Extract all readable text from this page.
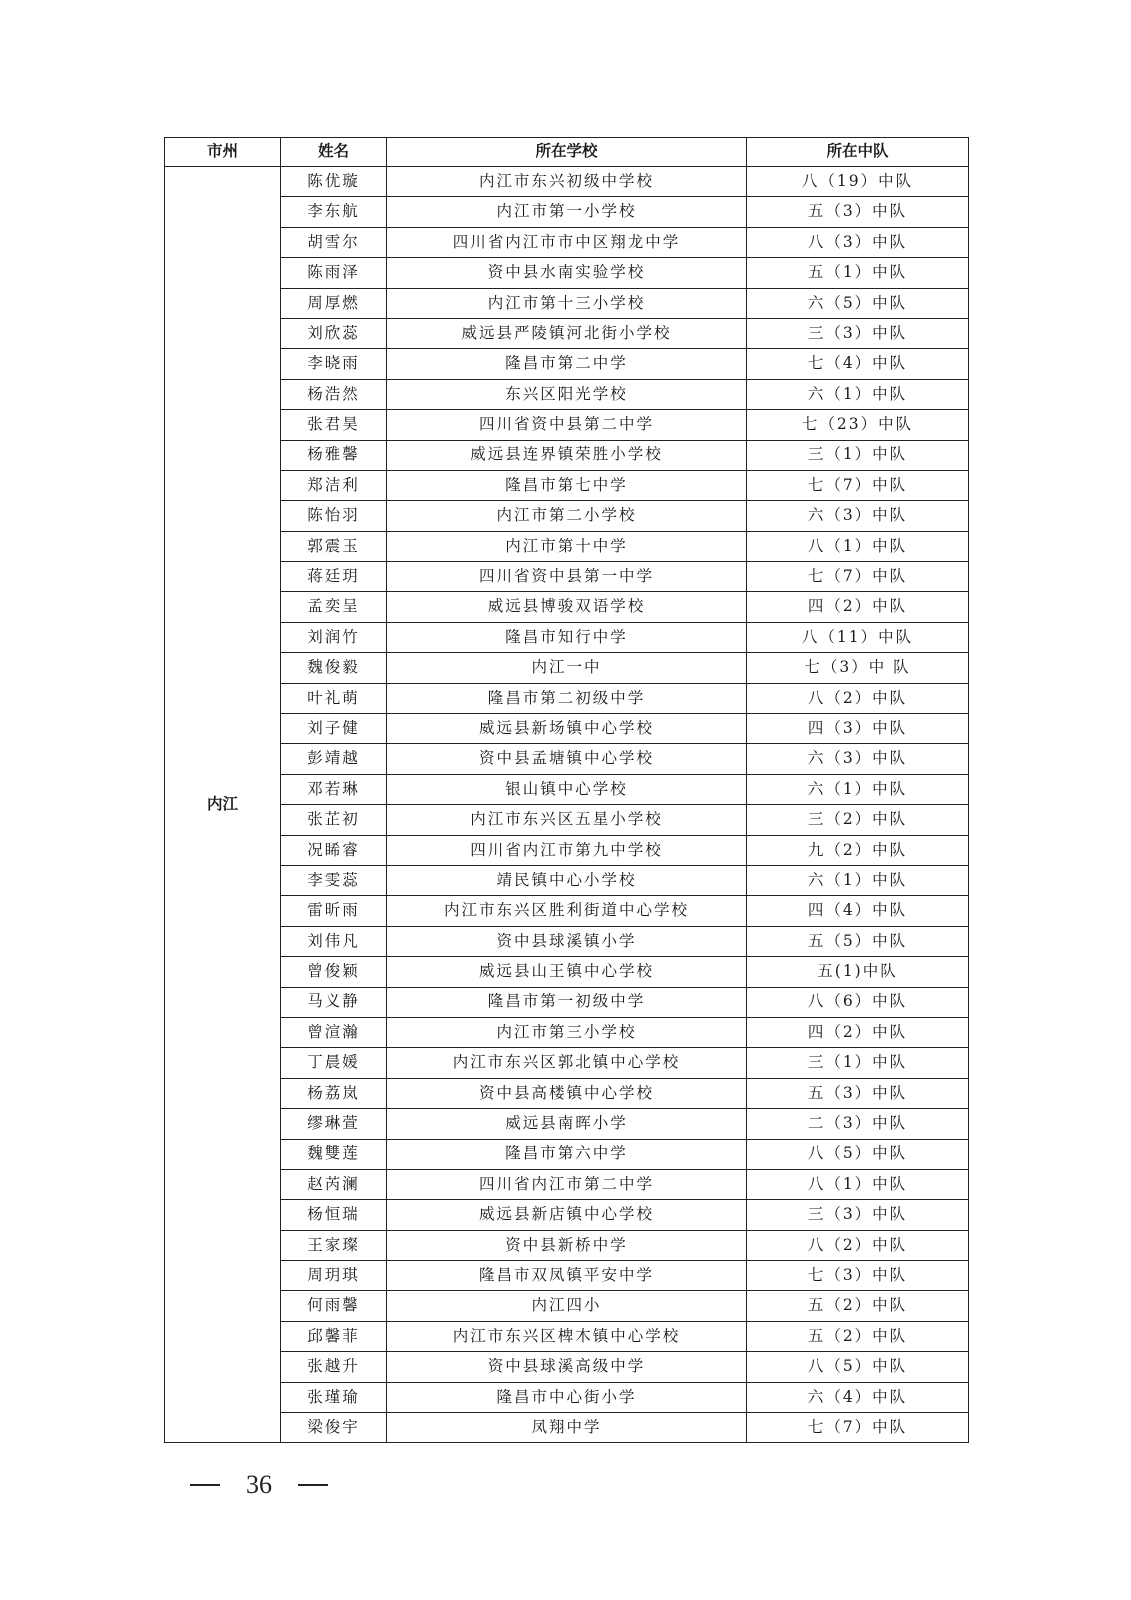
市州	姓名	所在学校	所在中队
内江	陈优璇	内江市东兴初级中学校	八（19）中队
	李东航	内江市第一小学校	五（3）中队
	胡雪尔	四川省内江市市中区翔龙中学	八（3）中队
	陈雨泽	资中县水南实验学校	五（1）中队
	周厚燃	内江市第十三小学校	六（5）中队
	刘欣蕊	威远县严陵镇河北街小学校	三（3）中队
	李晓雨	隆昌市第二中学	七（4）中队
	杨浩然	东兴区阳光学校	六（1）中队
	张君昊	四川省资中县第二中学	七（23）中队
	杨雅馨	威远县连界镇荣胜小学校	三（1）中队
	郑洁利	隆昌市第七中学	七（7）中队
	陈怡羽	内江市第二小学校	六（3）中队
	郭震玉	内江市第十中学	八（1）中队
	蒋廷玥	四川省资中县第一中学	七（7）中队
	孟奕呈	威远县博骏双语学校	四（2）中队
	刘润竹	隆昌市知行中学	八（11）中队
	魏俊毅	内江一中	七（3）中 队
	叶礼萌	隆昌市第二初级中学	八（2）中队
	刘子健	威远县新场镇中心学校	四（3）中队
	彭靖越	资中县孟塘镇中心学校	六（3）中队
	邓若琳	银山镇中心学校	六（1）中队
	张芷初	内江市东兴区五星小学校	三（2）中队
	况睎睿	四川省内江市第九中学校	九（2）中队
	李雯蕊	靖民镇中心小学校	六（1）中队
	雷昕雨	内江市东兴区胜利街道中心学校	四（4）中队
	刘伟凡	资中县球溪镇小学	五（5）中队
	曾俊颖	威远县山王镇中心学校	五(1)中队
	马义静	隆昌市第一初级中学	八（6）中队
	曾渲瀚	内江市第三小学校	四（2）中队
	丁晨媛	内江市东兴区郭北镇中心学校	三（1）中队
	杨荔岚	资中县高楼镇中心学校	五（3）中队
	缪琳萱	威远县南晖小学	二（3）中队
	魏雙莲	隆昌市第六中学	八（5）中队
	赵芮澜	四川省内江市第二中学	八（1）中队
	杨恒瑞	威远县新店镇中心学校	三（3）中队
	王家璨	资中县新桥中学	八（2）中队
	周玥琪	隆昌市双凤镇平安中学	七（3）中队
	何雨馨	内江四小	五（2）中队
	邱馨菲	内江市东兴区椑木镇中心学校	五（2）中队
	张越升	资中县球溪高级中学	八（5）中队
	张瑾瑜	隆昌市中心街小学	六（4）中队
	梁俊宇	凤翔中学	七（7）中队
36
